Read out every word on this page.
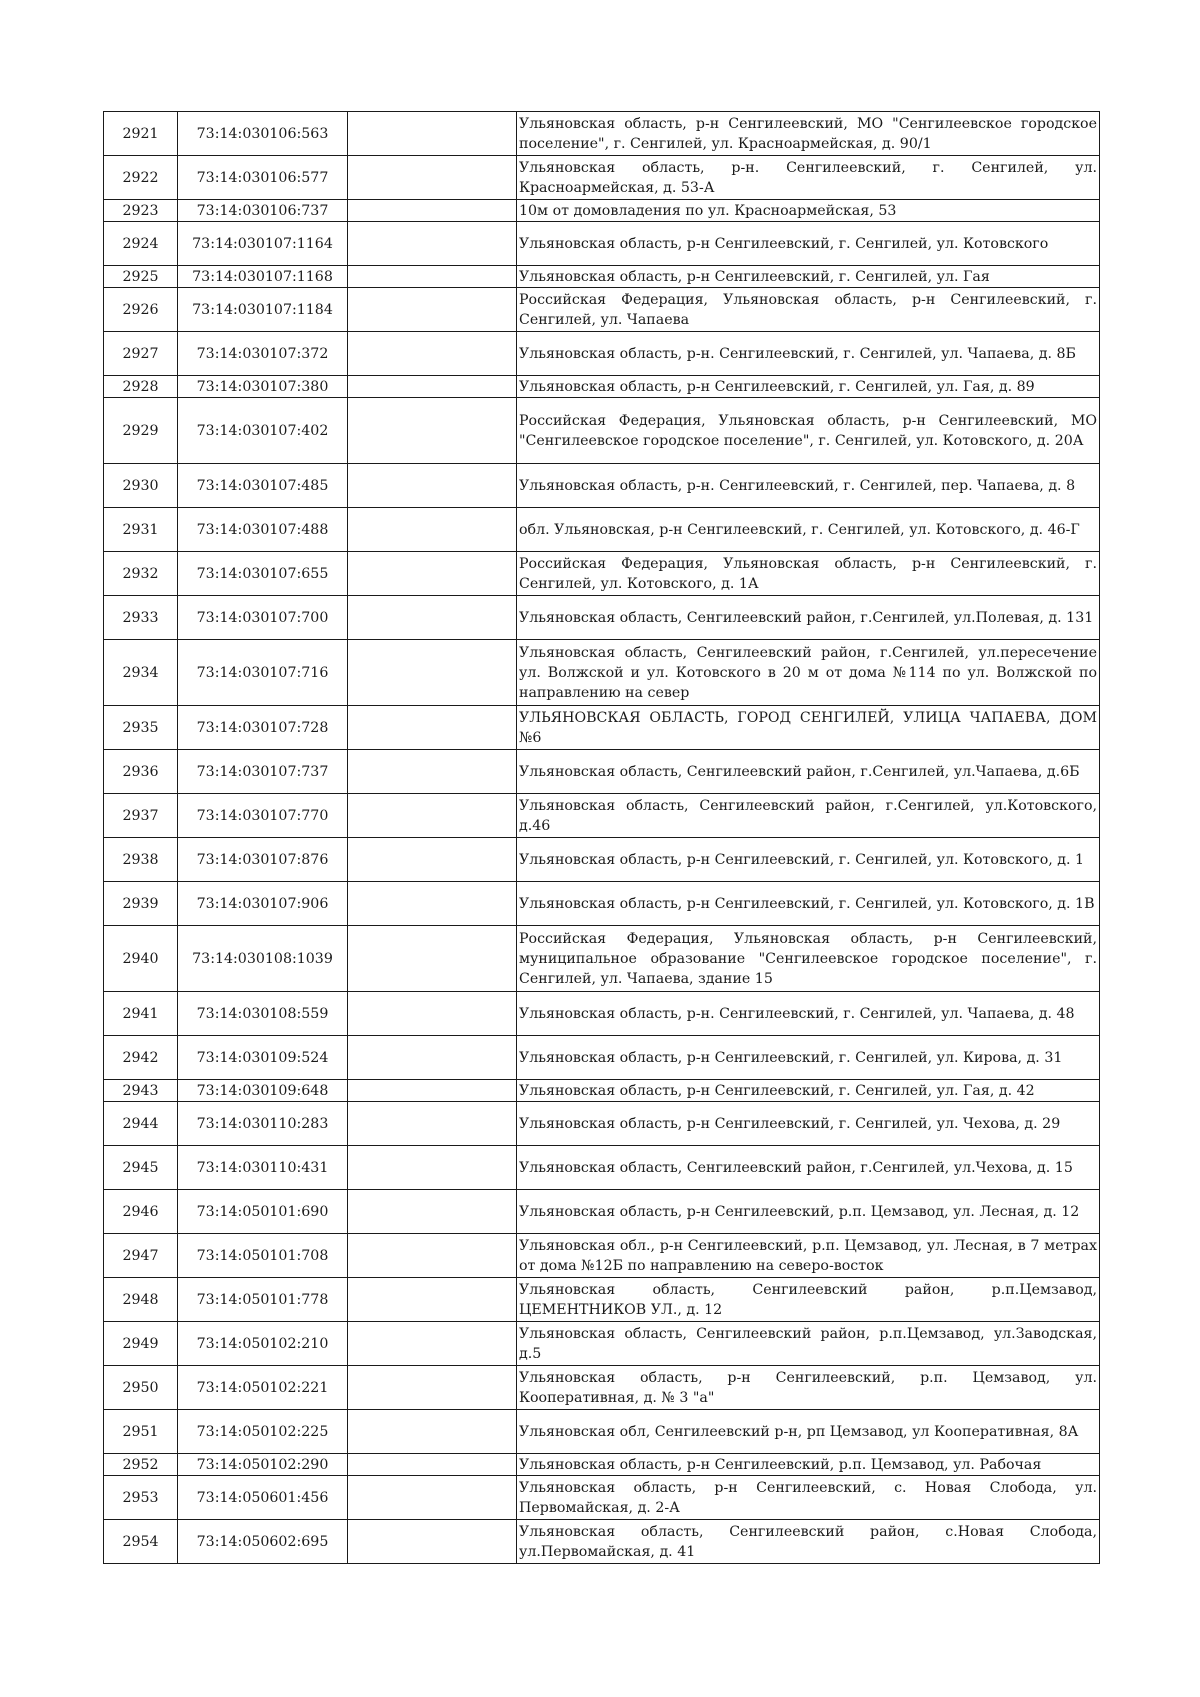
2921	73:14:030106:563		Ульяновская область, р-н Сенгилеевский, МО "Сенгилеевское городское поселение", г. Сенгилей, ул. Красноармейская, д. 90/1
2922	73:14:030106:577		Ульяновская область, р-н. Сенгилеевский, г. Сенгилей, ул. Красноармейская, д. 53-А
2923	73:14:030106:737		10м от домовладения по ул. Красноармейская, 53
2924	73:14:030107:1164		Ульяновская область, р-н Сенгилеевский, г. Сенгилей, ул. Котовского
2925	73:14:030107:1168		Ульяновская область, р-н Сенгилеевский, г. Сенгилей, ул. Гая
2926	73:14:030107:1184		Российская Федерация, Ульяновская область, р-н Сенгилеевский, г. Сенгилей, ул. Чапаева
2927	73:14:030107:372		Ульяновская область, р-н. Сенгилеевский, г. Сенгилей, ул. Чапаева, д. 8Б
2928	73:14:030107:380		Ульяновская область, р-н Сенгилеевский, г. Сенгилей, ул. Гая, д. 89
2929	73:14:030107:402		Российская Федерация, Ульяновская область, р-н Сенгилеевский, МО "Сенгилеевское городское поселение", г. Сенгилей, ул. Котовского, д. 20А
2930	73:14:030107:485		Ульяновская область, р-н. Сенгилеевский, г. Сенгилей, пер. Чапаева, д. 8
2931	73:14:030107:488		обл. Ульяновская, р-н Сенгилеевский, г. Сенгилей, ул. Котовского, д. 46-Г
2932	73:14:030107:655		Российская Федерация, Ульяновская область, р-н Сенгилеевский, г. Сенгилей, ул. Котовского, д. 1А
2933	73:14:030107:700		Ульяновская область, Сенгилеевский район, г.Сенгилей, ул.Полевая, д. 131
2934	73:14:030107:716		Ульяновская область, Сенгилеевский район, г.Сенгилей, ул.пересечение ул. Волжской и ул. Котовского в 20 м от дома №114 по ул. Волжской по направлению на север
2935	73:14:030107:728		УЛЬЯНОВСКАЯ ОБЛАСТЬ, ГОРОД СЕНГИЛЕЙ, УЛИЦА ЧАПАЕВА, ДОМ №6
2936	73:14:030107:737		Ульяновская область, Сенгилеевский район, г.Сенгилей, ул.Чапаева, д.6Б
2937	73:14:030107:770		Ульяновская область, Сенгилеевский район, г.Сенгилей, ул.Котовского, д.46
2938	73:14:030107:876		Ульяновская область, р-н Сенгилеевский, г. Сенгилей, ул. Котовского, д. 1
2939	73:14:030107:906		Ульяновская область, р-н Сенгилеевский, г. Сенгилей, ул. Котовского, д. 1В
2940	73:14:030108:1039		Российская Федерация, Ульяновская область, р-н Сенгилеевский, муниципальное образование "Сенгилеевское городское поселение", г. Сенгилей, ул. Чапаева, здание 15
2941	73:14:030108:559		Ульяновская область, р-н. Сенгилеевский, г. Сенгилей, ул. Чапаева, д. 48
2942	73:14:030109:524		Ульяновская область, р-н Сенгилеевский, г. Сенгилей, ул. Кирова, д. 31
2943	73:14:030109:648		Ульяновская область, р-н Сенгилеевский, г. Сенгилей, ул. Гая, д. 42
2944	73:14:030110:283		Ульяновская область, р-н Сенгилеевский, г. Сенгилей, ул. Чехова, д. 29
2945	73:14:030110:431		Ульяновская область, Сенгилеевский район, г.Сенгилей, ул.Чехова, д. 15
2946	73:14:050101:690		Ульяновская область, р-н Сенгилеевский, р.п. Цемзавод, ул. Лесная, д. 12
2947	73:14:050101:708		Ульяновская обл., р-н Сенгилеевский, р.п. Цемзавод, ул. Лесная, в 7 метрах от дома №12Б по направлению на северо-восток
2948	73:14:050101:778		Ульяновская область, Сенгилеевский район, р.п.Цемзавод, ЦЕМЕНТНИКОВ УЛ., д. 12
2949	73:14:050102:210		Ульяновская область, Сенгилеевский район, р.п.Цемзавод, ул.Заводская, д.5
2950	73:14:050102:221		Ульяновская область, р-н Сенгилеевский, р.п. Цемзавод, ул. Кооперативная, д. № 3 "а"
2951	73:14:050102:225		Ульяновская обл, Сенгилеевский р-н, рп Цемзавод, ул Кооперативная, 8А
2952	73:14:050102:290		Ульяновская область, р-н Сенгилеевский, р.п. Цемзавод, ул. Рабочая
2953	73:14:050601:456		Ульяновская область, р-н Сенгилеевский, с. Новая Слобода, ул. Первомайская, д. 2-А
2954	73:14:050602:695		Ульяновская область, Сенгилеевский район, с.Новая Слобода, ул.Первомайская, д. 41
